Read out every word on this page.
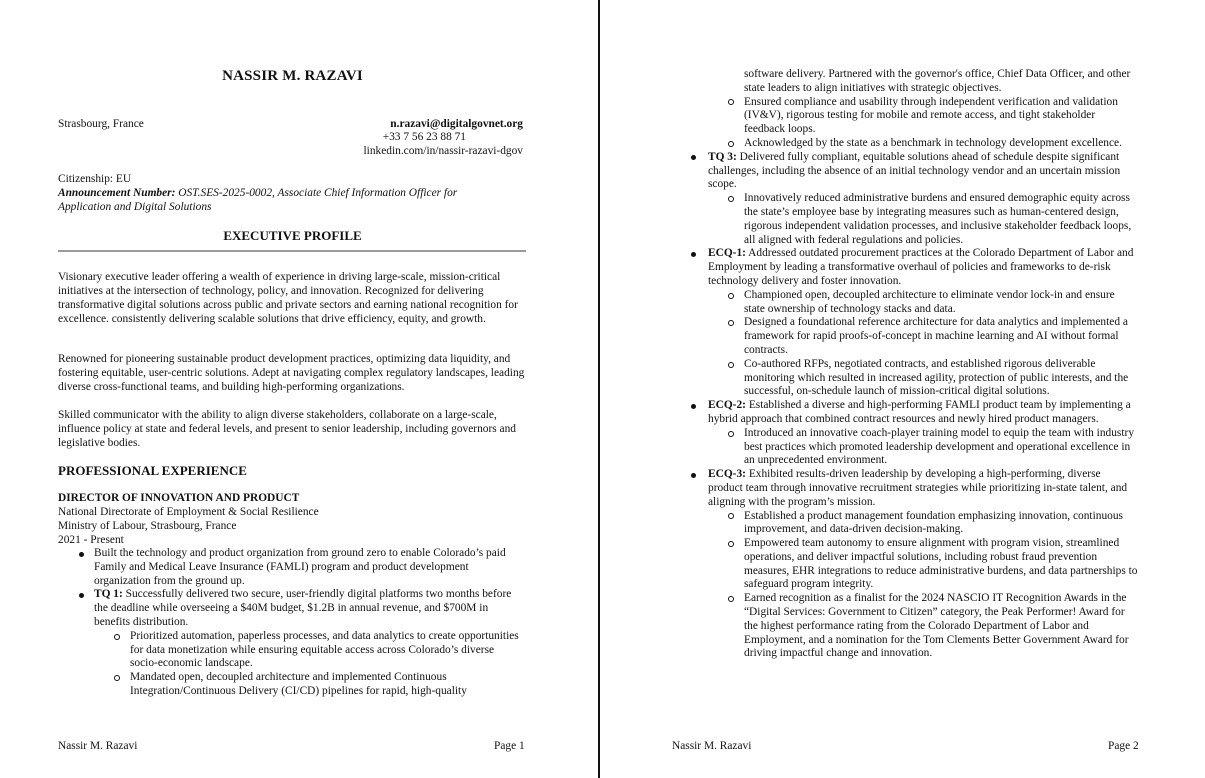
NASSIR M. RAZAVI
Strasbourg, France	n.razavi@digitalgovnet.org
+33 7 56 23 88 71
linkedin.com/in/nassir-razavi-dgov
Citizenship: EU
Announcement Number: OST.SES-2025-0002, Associate Chief Information Officer for Application and Digital Solutions
EXECUTIVE PROFILE
Visionary executive leader offering a wealth of experience in driving large-scale, mission-critical initiatives at the intersection of technology, policy, and innovation. Recognized for delivering transformative digital solutions across public and private sectors and earning national recognition for excellence. consistently delivering scalable solutions that drive efficiency, equity, and growth.
Renowned for pioneering sustainable product development practices, optimizing data liquidity, and fostering equitable, user-centric solutions. Adept at navigating complex regulatory landscapes, leading diverse cross-functional teams, and building high-performing organizations.
Skilled communicator with the ability to align diverse stakeholders, collaborate on a large-scale, influence policy at state and federal levels, and present to senior leadership, including governors and legislative bodies.
PROFESSIONAL EXPERIENCE
DIRECTOR OF INNOVATION AND PRODUCT
National Directorate of Employment & Social Resilience
Ministry of Labour, Strasbourg, France
2021 - Present
Built the technology and product organization from ground zero to enable Colorado’s paid Family and Medical Leave Insurance (FAMLI) program and product development organization from the ground up.
TQ 1: Successfully delivered two secure, user-friendly digital platforms two months before the deadline while overseeing a $40M budget, $1.2B in annual revenue, and $700M in benefits distribution.
Prioritized automation, paperless processes, and data analytics to create opportunities for data monetization while ensuring equitable access across Colorado’s diverse socio-economic landscape.
Mandated open, decoupled architecture and implemented Continuous Integration/Continuous Delivery (CI/CD) pipelines for rapid, high-quality
Nassir M. Razavi	Page 1
software delivery. Partnered with the governor's office, Chief Data Officer, and other state leaders to align initiatives with strategic objectives.
Ensured compliance and usability through independent verification and validation (IV&V), rigorous testing for mobile and remote access, and tight stakeholder feedback loops.
Acknowledged by the state as a benchmark in technology development excellence.
TQ 3: Delivered fully compliant, equitable solutions ahead of schedule despite significant challenges, including the absence of an initial technology vendor and an uncertain mission scope.
Innovatively reduced administrative burdens and ensured demographic equity across the state’s employee base by integrating measures such as human-centered design, rigorous independent validation processes, and inclusive stakeholder feedback loops, all aligned with federal regulations and policies.
ECQ-1: Addressed outdated procurement practices at the Colorado Department of Labor and Employment by leading a transformative overhaul of policies and frameworks to de-risk technology delivery and foster innovation.
Championed open, decoupled architecture to eliminate vendor lock-in and ensure state ownership of technology stacks and data.
Designed a foundational reference architecture for data analytics and implemented a framework for rapid proofs-of-concept in machine learning and AI without formal contracts.
Co-authored RFPs, negotiated contracts, and established rigorous deliverable monitoring which resulted in increased agility, protection of public interests, and the successful, on-schedule launch of mission-critical digital solutions.
ECQ-2: Established a diverse and high-performing FAMLI product team by implementing a hybrid approach that combined contract resources and newly hired product managers.
Introduced an innovative coach-player training model to equip the team with industry best practices which promoted leadership development and operational excellence in an unprecedented environment.
ECQ-3: Exhibited results-driven leadership by developing a high-performing, diverse product team through innovative recruitment strategies while prioritizing in-state talent, and aligning with the program’s mission.
Established a product management foundation emphasizing innovation, continuous improvement, and data-driven decision-making.
Empowered team autonomy to ensure alignment with program vision, streamlined operations, and deliver impactful solutions, including robust fraud prevention measures, EHR integrations to reduce administrative burdens, and data partnerships to safeguard program integrity.
Earned recognition as a finalist for the 2024 NASCIO IT Recognition Awards in the “Digital Services: Government to Citizen” category, the Peak Performer! Award for the highest performance rating from the Colorado Department of Labor and Employment, and a nomination for the Tom Clements Better Government Award for driving impactful change and innovation.
Nassir M. Razavi	Page 2
